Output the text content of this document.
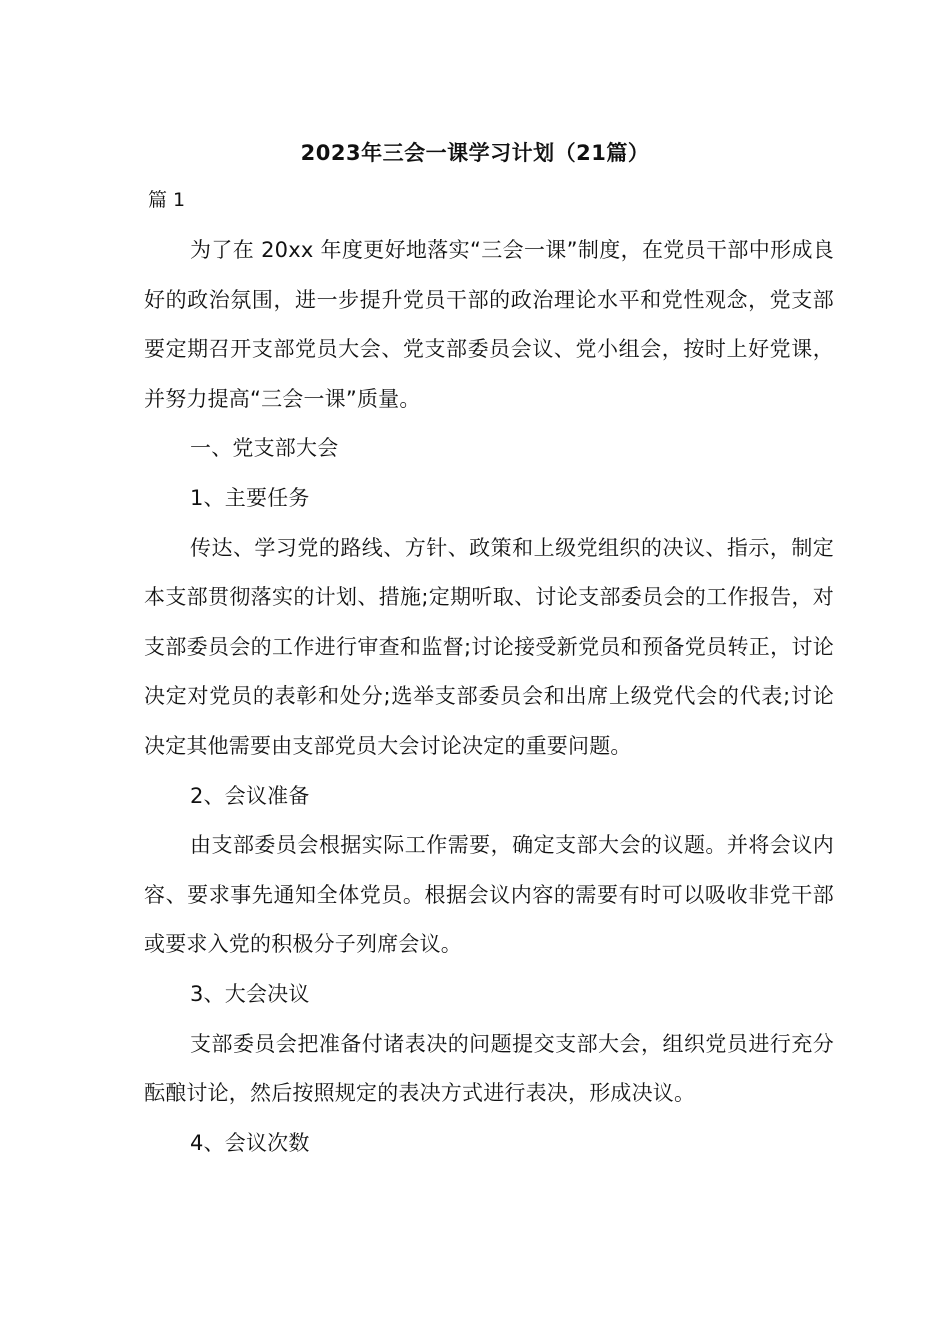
2023年三会一课学习计划（21篇）
篇 1

为了在 20xx 年度更好地落实“三会一课”制度，在党员干部中形成良好的政治氛围，进一步提升党员干部的政治理论水平和党性观念，党支部要定期召开支部党员大会、党支部委员会议、党小组会，按时上好党课，并努力提高“三会一课”质量。

一、党支部大会

1、主要任务

传达、学习党的路线、方针、政策和上级党组织的决议、指示，制定本支部贯彻落实的计划、措施;定期听取、讨论支部委员会的工作报告，对支部委员会的工作进行审查和监督;讨论接受新党员和预备党员转正，讨论决定对党员的表彰和处分;选举支部委员会和出席上级党代会的代表;讨论决定其他需要由支部党员大会讨论决定的重要问题。

2、会议准备

由支部委员会根据实际工作需要，确定支部大会的议题。并将会议内容、要求事先通知全体党员。根据会议内容的需要有时可以吸收非党干部或要求入党的积极分子列席会议。

3、大会决议

支部委员会把准备付诸表决的问题提交支部大会，组织党员进行充分酝酿讨论，然后按照规定的表决方式进行表决，形成决议。

4、会议次数
